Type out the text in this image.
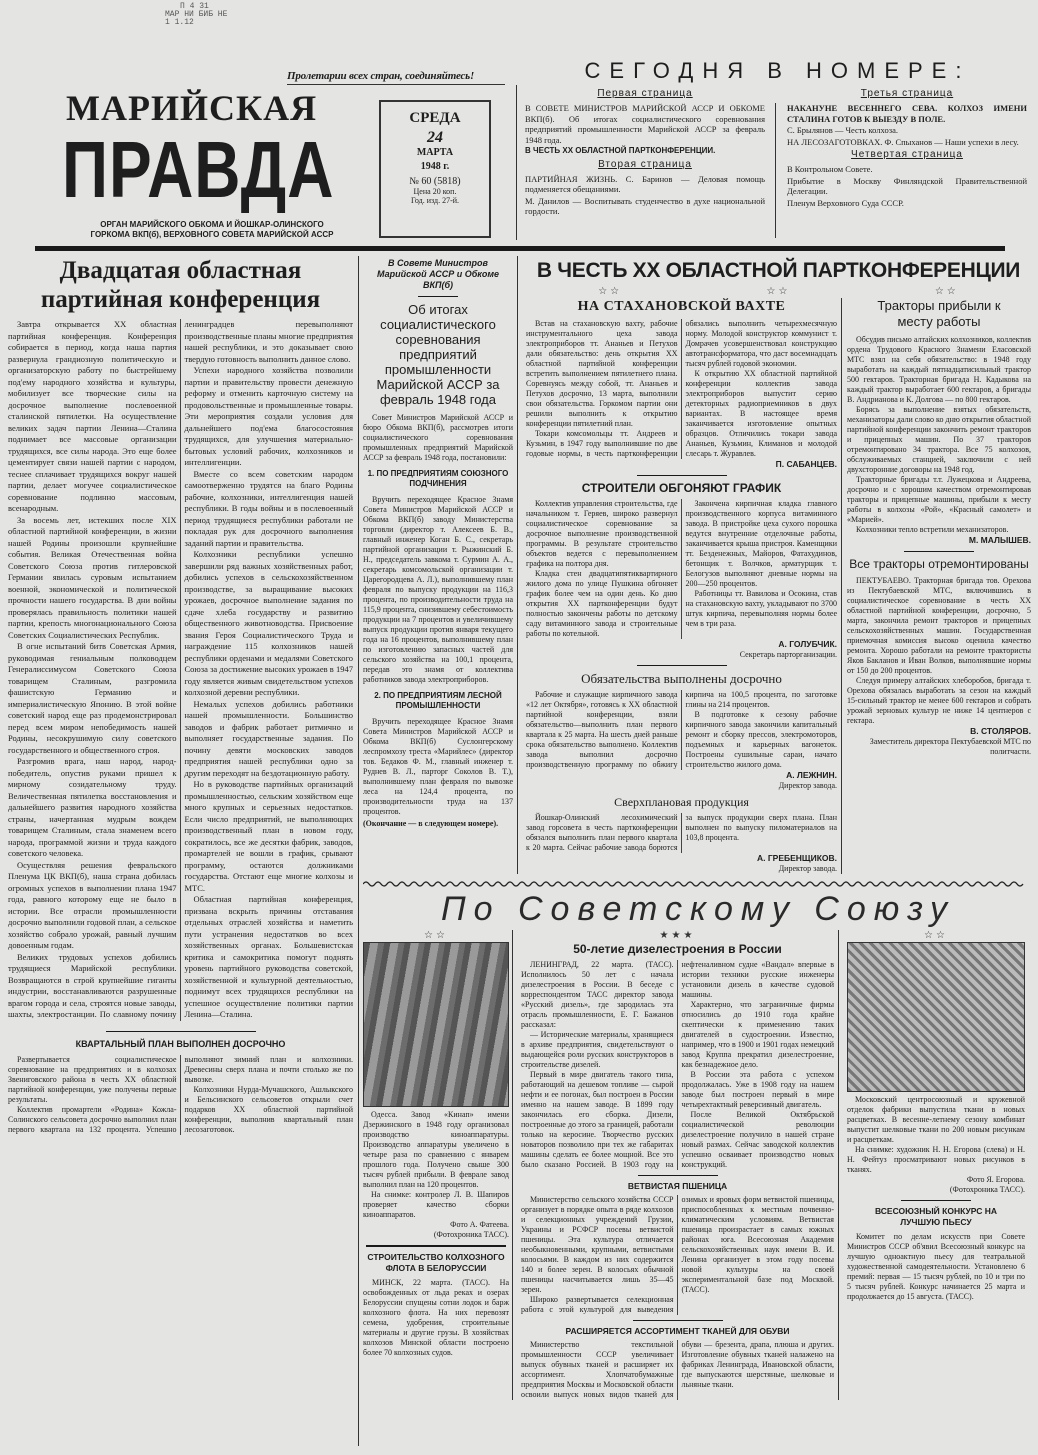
П 4 31
МАР НИ БИБ НЕ
1 1.12
Пролетарии всех стран, соединяйтесь!
МАРИЙСКАЯ
ПРАВДА
ОРГАН МАРИЙСКОГО ОБКОМА И ЙОШКАР-ОЛИНСКОГО
ГОРКОМА ВКП(б), ВЕРХОВНОГО СОВЕТА МАРИЙСКОЙ АССР
СРЕДА
24
МАРТА
1948 г.
№ 60 (5818)
Цена 20 коп.
Год. изд. 27-й.
СЕГОДНЯ В НОМЕРЕ:
Первая страница
В СОВЕТЕ МИНИСТРОВ МАРИЙСКОЙ АССР И ОБКОМЕ ВКП(б). Об итогах социалистического соревнования предприятий промышленности Марийской АССР за февраль 1948 года.
В ЧЕСТЬ XX ОБЛАСТНОЙ ПАРТКОНФЕРЕНЦИИ.
Вторая страница
ПАРТИЙНАЯ ЖИЗНЬ. С. Баринов — Деловая помощь подменяется обещаниями.
М. Данилов — Воспитывать студенчество в духе национальной гордости.
Третья страница
НАКАНУНЕ ВЕСЕННЕГО СЕВА. КОЛХОЗ ИМЕНИ СТАЛИНА ГОТОВ К ВЫЕЗДУ В ПОЛЕ.
С. Брылянов — Честь колхоза.
НА ЛЕСОЗАГОТОВКАХ. Ф. Спыханов — Наши успехи в лесу.
Четвертая страница
В Контрольном Совете.
Прибытие в Москву Финляндской Правительственной Делегации.
Пленум Верховного Суда СССР.
Двадцатая областная партийная конференция

Завтра открывается XX областная партийная конференция. Конференция собирается в период, когда наша партия развернула грандиозную политическую и организаторскую работу по быстрейшему под'ему народного хозяйства и культуры, мобилизует все творческие силы на досрочное выполнение послевоенной сталинской пятилетки. На осуществление великих задач партии Ленина—Сталина поднимает все массовые организации трудящихся, все силы народа. Это еще более цементирует связи нашей партии с народом, теснее сплачивает трудящихся вокруг нашей партии, делает могучее социалистическое соревнование подлинно массовым, всенародным.

За восемь лет, истекших после XIX областной партийной конференции, в жизни нашей Родины произошли крупнейшие события. Великая Отечественная война Советского Союза против гитлеровской Германии явилась суровым испытанием военной, экономической и политической прочности нашего государства. В дни войны проверялась правильность политики нашей партии, крепость многонационального Союза Советских Социалистических Республик.

В огне испытаний битв Советская Армия, руководимая гениальным полководцем Генералиссимусом Советского Союза товарищем Сталиным, разгромила фашистскую Германию и империалистическую Японию. В этой войне советский народ еще раз продемонстрировал перед всем миром непобедимость нашей Родины, несокрушимую силу советского государственного и общественного строя.

Разгромив врага, наш народ, народ-победитель, опустив руками пришел к мирному созидательному труду. Величественная пятилетка восстановления и дальнейшего развития народного хозяйства страны, начертанная мудрым вождем товарищем Сталиным, стала знаменем всего народа, программой жизни и труда каждого советского человека.

Осуществляя решения февральского Пленума ЦК ВКП(б), наша страна добилась огромных успехов в выполнении плана 1947 года, равного которому еще не было в истории. Все отрасли промышленности досрочно выполнили годовой план, а сельское хозяйство собрало урожай, равный лучшим довоенным годам.

Великих трудовых успехов добились трудящиеся Марийской республики. Возвращаются в строй крупнейшие гиганты индустрии, восстанавливаются разрушенные врагом города и села, строятся новые заводы, шахты, электростанции. По славному почину ленинградцев перевыполняют производственные планы многие предприятия нашей республики, и это доказывает свою твердую готовность выполнить данное слово.

Успехи народного хозяйства позволили партии и правительству провести денежную реформу и отменить карточную систему на продовольственные и промышленные товары. Эти мероприятия создали условия для дальнейшего под'ема благосостояния трудящихся, для улучшения материально-бытовых условий рабочих, колхозников и интеллигенции.

Вместе со всем советским народом самоотверженно трудятся на благо Родины рабочие, колхозники, интеллигенция нашей республики. В годы войны и в послевоенный период трудящиеся республики работали не покладая рук для досрочного выполнения заданий партии и правительства.

Колхозники республики успешно завершили ряд важных хозяйственных работ, добились успехов в сельскохозяйственном производстве, за выращивание высоких урожаев, досрочное выполнение задания по сдаче хлеба государству и развитию общественного животноводства. Присвоение звания Героя Социалистического Труда и награждение 115 колхозников нашей республики орденами и медалями Советского Союза за достижение высоких урожаев в 1947 году является живым свидетельством успехов колхозной деревни республики.

Немалых успехов добились работники нашей промышленности. Большинство заводов и фабрик работает ритмично и выполняет государственные задания. По почину девяти московских заводов предприятия нашей республики одно за другим переходят на бездотационную работу.

Но в руководстве партийных организаций промышленностью, сельским хозяйством еще много крупных и серьезных недостатков. Если число предприятий, не выполняющих производственный план в новом году, сократилось, все же десятки фабрик, заводов, промартелей не вошли в график, срывают программу, остаются должниками государства. Отстают еще многие колхозы и МТС.

Областная партийная конференция, призвана вскрыть причины отставания отдельных отраслей хозяйства и наметить пути устранения недостатков во всех хозяйственных органах. Большевистская критика и самокритика помогут поднять уровень партийного руководства советской, хозяйственной и культурной деятельностью, поднимут всех трудящихся республики на успешное осуществление политики партии Ленина—Сталина.

КВАРТАЛЬНЫЙ ПЛАН ВЫПОЛНЕН ДОСРОЧНО

Развертывается социалистическое соревнование на предприятиях и в колхозах Звениговского района в честь XX областной партийной конференции, уже получены первые результаты.

Коллектив промартели «Родина» Кожла-Солинского сельсовета досрочно выполнил план первого квартала на 132 процента. Успешно выполняют зимний план и колхозники. Древесины сверх плана и почти столько же по вывозке.

Колхозники Нурда-Мучашского, Ашлыкского и Бельсинского сельсоветов открыли счет подарков XX областной партийной конференции, выполнив квартальный план лесозаготовок.

В Совете Министров Марийской АССР и Обкоме ВКП(б)
Об итогах социалистического соревнования предприятий промышленности Марийской АССР за февраль 1948 года
Совет Министров Марийской АССР и бюро Обкома ВКП(б), рассмотрев итоги социалистического соревнования промышленных предприятий Марийской АССР за февраль 1948 года, постановили:
1. ПО ПРЕДПРИЯТИЯМ СОЮЗНОГО ПОДЧИНЕНИЯ
Вручить переходящее Красное Знамя Совета Министров Марийской АССР и Обкома ВКП(б) заводу Министерства торговли (директор т. Алексеев Б. В., главный инженер Коган Б. С., секретарь партийной организации т. Рыжинский Б. Н., председатель завкома т. Сурмин А. А., секретарь комсомольской организации т. Царегородцева А. Л.), выполнившему план февраля по выпуску продукции на 116,3 процента, по производительности труда на 115,9 процента, снизившему себестоимость продукции на 7 процентов и увеличившему выпуск продукции против января текущего года на 16 процентов, выполнившему план по изготовлению запасных частей для сельского хозяйства на 100,1 процента, передав это знамя от коллектива работников завода электроприборов.
2. ПО ПРЕДПРИЯТИЯМ ЛЕСНОЙ ПРОМЫШЛЕННОСТИ
Вручить переходящее Красное Знамя Совета Министров Марийской АССР и Обкома ВКП(б) Суслонгерскому леспромхозу треста «Марийлес» (директор тов. Бедаков Ф. М., главный инженер т. Руднев В. Л., парторг Соколов В. Т.), выполнившему план февраля по вывозке леса на 124,4 процента, по производительности труда на 137 процентов.
(Окончание — в следующем номере).
В ЧЕСТЬ XX ОБЛАСТНОЙ ПАРТКОНФЕРЕНЦИИ
☆☆	☆☆	☆☆
НА СТАХАНОВСКОЙ ВАХТЕ

Встав на стахановскую вахту, рабочие инструментального цеха завода электроприборов тт. Ананьев и Петухов дали обязательство: день открытия XX областной партийной конференции встретить выполнением пятилетнего плана. Соревнуясь между собой, тт. Ананьев и Петухов досрочно, 13 марта, выполнили свои обязательства. Горкомом партии они решили выполнить к открытию конференции пятилетний план.

Токари комсомольцы тт. Андреев и Кузьмин, в 1947 году выполнившие по две годовые нормы, в честь партконференции обязались выполнить четырехмесячную норму. Молодой конструктор коммунист т. Домрачев усовершенствовал конструкцию автотрансформатора, что даст восемнадцать тысяч рублей годовой экономии.

К открытию XX областной партийной конференции коллектив завода электроприборов выпустит серию детекторных радиоприемников в двух вариантах. В настоящее время заканчивается изготовление опытных образцов. Отличились токари завода Ананьев, Кузьмин, Климанов и молодой слесарь т. Журавлев.

П. САБАНЦЕВ.
СТРОИТЕЛИ ОБГОНЯЮТ ГРАФИК

Коллектив управления строительства, где начальником т. Геряев, широко развернул социалистическое соревнование за досрочное выполнение производственной программы. В результате строительство объектов ведется с перевыполнением графика на полтора дня.

Кладка стен двадцатипятиквартирного жилого дома по улице Пушкина обгоняет график более чем на один день. Ко дню открытия XX партконференции будут полностью закончены работы по детскому саду витаминного завода и строительные работы по котельной.

Закончена кирпичная кладка главного производственного корпуса витаминного завода. В пристройке цеха сухого порошка ведутся внутренние отделочные работы, заканчивается крыша пристроя. Каменщики тт. Безденежных, Майоров, Фатахудинов, бетонщик т. Волчков, арматурщик т. Белогузов выполняют дневные нормы на 200—250 процентов.

Работницы тт. Вавилова и Осокина, став на стахановскую вахту, укладывают по 3700 штук кирпича, перевыполняя нормы более чем в три раза.

А. ГОЛУБЧИК.
Секретарь парторганизации.
Обязательства выполнены досрочно

Рабочие и служащие кирпичного завода «12 лет Октября», готовясь к XX областной партийной конференции, взяли обязательство—выполнить план первого квартала к 25 марта. На шесть дней раньше срока обязательство выполнено. Коллектив завода выполнил досрочно производственную программу по обжигу кирпича на 100,5 процента, по заготовке глины на 214 процентов.

В подготовке к сезону рабочие кирпичного завода закончили капитальный ремонт и сборку прессов, электромоторов, подъемных и карьерных вагонеток. Построены сушильные сараи, начато строительство жилого дома.

А. ЛЕЖНИН.
Директор завода.
Сверхплановая продукция

Йошкар-Олинский лесохимический завод горсовета в честь партконференции обязался выполнить план первого квартала к 20 марта. Сейчас рабочие завода борются за выпуск продукции сверх плана. План выполнен по выпуску пиломатериалов на 103,8 процента.

А. ГРЕБЕНЩИКОВ.
Директор завода.
Тракторы прибыли к месту работы

Обсудив письмо алтайских колхозников, коллектив ордена Трудового Красного Знамени Еласовской МТС взял на себя обязательство: в 1948 году выработать на каждый пятнадцатисильный трактор 500 гектаров. Тракторная бригада Н. Кадыкова на каждый трактор выработает 600 гектаров, а бригады В. Андрианова и К. Долгова — по 800 гектаров.

Борясь за выполнение взятых обязательств, механизаторы дали слово ко дню открытия областной партийной конференции закончить ремонт тракторов и прицепных машин. По 37 тракторов отремонтировано 34 трактора. Все 75 колхозов, обслуживаемых станцией, заключили с ней двухсторонние договоры на 1948 год.

Тракторные бригады т.т. Лужецкова и Андреева, досрочно и с хорошим качеством отремонтировав тракторы и прицепные машины, прибыли к месту работы в колхозы «Рой», «Красный самолет» и «Марией».

Колхозники тепло встретили механизаторов.

М. МАЛЫШЕВ.
Все тракторы отремонтированы

ПЕКТУБАЕВО. Тракторная бригада тов. Орехова из Пектубаевской МТС, включившись в социалистическое соревнование в честь XX областной партийной конференции, досрочно, 5 марта, закончила ремонт тракторов и прицепных сельскохозяйственных машин. Государственная приемочная комиссия высоко оценила качество ремонта. Хорошо работали на ремонте трактористы Яков Бакланов и Иван Волков, выполнявшие нормы от 150 до 200 процентов.

Следуя примеру алтайских хлеборобов, бригада т. Орехова обязалась выработать за сезон на каждый 15-сильный трактор не менее 600 гектаров и собрать урожай зерновых культур не ниже 14 центнеров с гектара.

В. СТОЛЯРОВ.
Заместитель директора Пектубаевской МТС по политчасти.
По Советскому Союзу
☆☆
Одесса. Завод «Кинап» имени Дзержинского в 1948 году организовал производство киноаппаратуры. Производство аппаратуры увеличено в четыре раза по сравнению с январем прошлого года. Получено свыше 300 тысяч рублей прибыли. В феврале завод выполнил план на 120 процентов.
На снимке: контролер Л. В. Шапиров проверяет качество сборки киноаппаратов.
Фото А. Фатеева.
(Фотохроника ТАСС).
СТРОИТЕЛЬСТВО КОЛХОЗНОГО ФЛОТА В БЕЛОРУССИИ
МИНСК, 22 марта. (ТАСС). На освобожденных от льда реках и озерах Белоруссии спущены сотни лодок и барж колхозного флота. На них перевозят семена, удобрения, строительные материалы и другие грузы. В хозяйствах колхозов Минской области построено более 70 колхозных судов.
★★★
50-летие дизелестроения в России

ЛЕНИНГРАД, 22 марта. (ТАСС). Исполнилось 50 лет с начала дизелестроения в России. В беседе с корреспондентом ТАСС директор завода «Русский дизель», где зародилась эта отрасль промышленности, Е. Г. Бажанов рассказал:

— Исторические материалы, хранящиеся в архиве предприятия, свидетельствуют о выдающейся роли русских конструкторов в строительстве дизелей.

Первый в мире двигатель такого типа, работающий на дешевом топливе — сырой нефти и ее погонах, был построен в России именно на нашем заводе. В 1899 году закончилась его сборка. Дизели, построенные до этого за границей, работали только на керосине. Творчество русских новаторов позволило при тех же габаритах машины сделать ее более мощной. Все это было сказано Россией. В 1903 году на нефтеналивном судне «Вандал» впервые в истории техники русские инженеры установили дизель в качестве судовой машины.

Характерно, что заграничные фирмы относились до 1910 года крайне скептически к применению таких двигателей в судостроении. Известно, например, что в 1900 и 1901 годах немецкий завод Круппа прекратил дизелестроение, как безнадежное дело.

В России эта работа с успехом продолжалась. Уже в 1908 году на нашем заводе был построен первый в мире четырехтактный реверсивный двигатель.

После Великой Октябрьской социалистической революции дизелестроение получило в нашей стране новый размах. Сейчас заводской коллектив успешно осваивает производство новых конструкций.

ВЕТВИСТАЯ ПШЕНИЦА

Министерство сельского хозяйства СССР организует в порядке опыта в ряде колхозов и селекционных учреждений Грузии, Украины и РСФСР посевы ветвистой пшеницы. Эта культура отличается необыкновенными, крупными, ветвистыми колосьями. В каждом из них содержится 140 и более зерен. В колосьях обычной пшеницы насчитывается лишь 35—45 зерен.

Широко развертывается селекционная работа с этой культурой для выведения озимых и яровых форм ветвистой пшеницы, приспособленных к местным почвенно-климатическим условиям. Ветвистая пшеница произрастает в самых южных районах юга. Всесоюзная Академия сельскохозяйственных наук имени В. И. Ленина организует в этом году посевы новой культуры на своей экспериментальной базе под Москвой. (ТАСС).

РАСШИРЯЕТСЯ АССОРТИМЕНТ ТКАНЕЙ ДЛЯ ОБУВИ
Министерство текстильной промышленности СССР увеличивает выпуск обувных тканей и расширяет их ассортимент. Хлопчатобумажные предприятия Москвы и Московской области освоили выпуск новых видов тканей для обуви — брезента, драпа, плюша и других. Изготовление обувных тканей налажено на фабриках Ленинграда, Ивановской области, где выпускаются шерстяные, шелковые и льняные ткани.
☆☆
Московский центросоюзный и кружевной отделок фабрики выпустила ткани в новых расцветках. В весенне-летнему сезону комбинат выпустит шелковые ткани по 200 новым рисункам и расцветкам.
На снимке: художник Н. Н. Егорова (слева) и Н. Н. Фейтуз просматривают новых рисунков в тканях.
Фото Я. Егорова.
(Фотохроника ТАСС).
ВСЕСОЮЗНЫЙ КОНКУРС НА ЛУЧШУЮ ПЬЕСУ
Комитет по делам искусств при Совете Министров СССР об'явил Всесоюзный конкурс на лучшую одноактную пьесу для театральной художественной самодеятельности. Установлено 6 премий: первая — 15 тысяч рублей, по 10 и три по 5 тысяч рублей. Конкурс начинается 25 марта и продолжается до 15 августа. (ТАСС).
